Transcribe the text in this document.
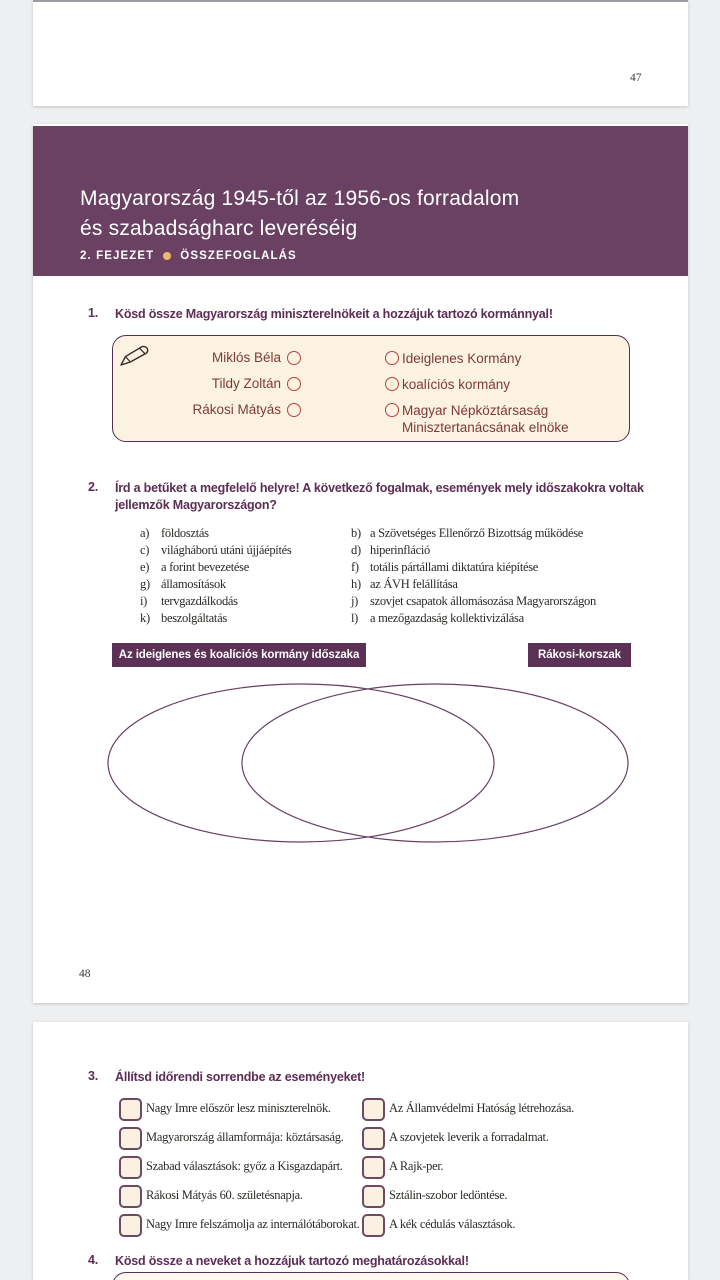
47
Magyarország 1945-től az 1956-os forradalom
és szabadságharc leveréséig
2. FEJEZET ÖSSZEFOGLALÁS
1. Kösd össze Magyarország miniszterelnökeit a hozzájuk tartozó kormánnyal!
Miklós Béla
Tildy Zoltán
Rákosi Mátyás
Ideiglenes Kormány
koalíciós kormány
Magyar Népköztársaság Minisztertanácsának elnöke
2. Írd a betűket a megfelelő helyre! A következő fogalmak, események mely időszakokra voltak
jellemzők Magyarországon?
a) földosztás
c) világháború utáni újjáépítés
e) a forint bevezetése
g) államosítások
i) tervgazdálkodás
k) beszolgáltatás
b) a Szövetséges Ellenőrző Bizottság működése
d) hiperinfláció
f) totális pártállami diktatúra kiépítése
h) az ÁVH felállítása
j) szovjet csapatok állomásozása Magyarországon
l) a mezőgazdaság kollektivizálása
Az ideiglenes és koalíciós kormány időszaka	Rákosi-korszak
48
3. Állítsd időrendi sorrendbe az eseményeket!
Nagy Imre először lesz miniszterelnök.
Magyarország államformája: köztársaság.
Szabad választások: győz a Kisgazdapárt.
Rákosi Mátyás 60. születésnapja.
Nagy Imre felszámolja az internálótáborokat.
Az Államvédelmi Hatóság létrehozása.
A szovjetek leverik a forradalmat.
A Rajk-per.
Sztálin-szobor ledöntése.
A kék cédulás választások.
4. Kösd össze a neveket a hozzájuk tartozó meghatározásokkal!
